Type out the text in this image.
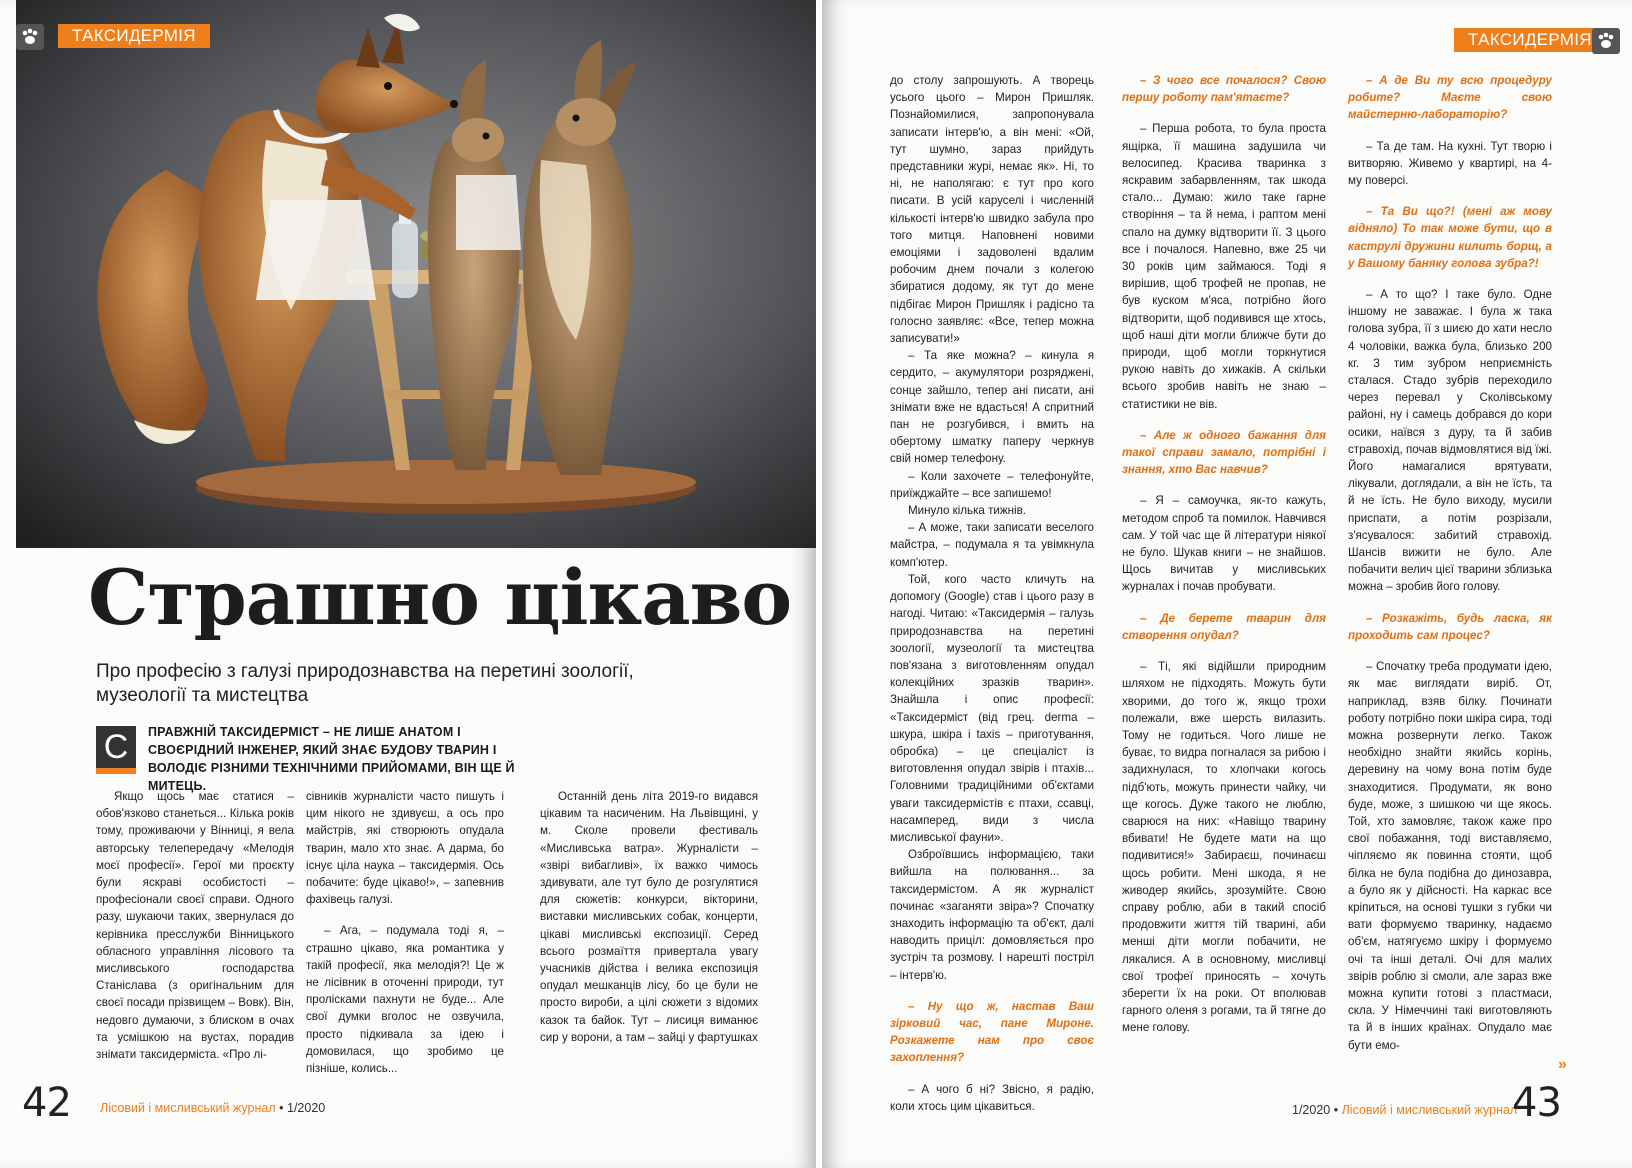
ТАКСИДЕРМІЯ
Страшно цікаво
Про професію з галузі природознавства на перетині зоології, музеології та мистецтва
С	ПРАВЖНІЙ ТАКСИДЕРМІСТ – НЕ ЛИШЕ АНАТОМ І СВОЄРІДНИЙ ІНЖЕНЕР, ЯКИЙ ЗНАЄ БУДОВУ ТВАРИН І ВОЛОДІЄ РІЗНИМИ ТЕХНІЧНИМИ ПРИЙОМАМИ, ВІН ЩЕ Й МИТЕЦЬ.

Якщо щось має статися – обов'язково станеться... Кілька років тому, проживаючи у Вінниці, я вела авторську телепередачу «Мелодія моєї професії». Герої ми проєкту були яскраві особистості – професіонали своєї справи. Одного разу, шукаючи таких, звернулася до керівника пресслужби Вінницького обласного управління лісового та мисливського господарства Станіслава (з оригінальним для своєї посади прізвищем – Вовк). Він, недовго думаючи, з блиском в очах та усмішкою на вустах, порадив знімати таксидерміста. «Про лі-

сівників журналісти часто пишуть і цим нікого не здивуєш, а ось про майстрів, які створюють опудала тварин, мало хто знає. А дарма, бо існує ціла наука – таксидермія. Ось побачите: буде цікаво!», – запевнив фахівець галузі.

– Ага, – подумала тоді я, – страшно цікаво, яка романтика у такій професії, яка мелодія?! Це ж не лісівник в оточенні природи, тут пролісками пахнути не буде... Але свої думки вголос не озвучила, просто підкивала за ідею і домовилася, що зробимо це пізніше, колись...

Останній день літа 2019-го видався цікавим та насиченим. На Львівщині, у м. Сколе провели фестиваль «Мисливська ватра». Журналісти – «звірі вибагливі», їх важко чимось здивувати, але тут було де розгулятися для сюжетів: конкурси, вікторини, виставки мисливських собак, концерти, цікаві мисливські експозиції. Серед всього розмаїття привертала увагу учасників дійства і велика експозиція опудал мешканців лісу, бо це були не просто вироби, а цілі сюжети з відомих казок та байок. Тут – лисиця виманює сир у ворони, а там – зайці у фартушках

42 Лісовий і мисливський журнал • 1/2020
ТАКСИДЕРМІЯ

до столу запрошують. А творець усього цього – Мирон Пришляк. Познайомилися, запропонувала записати інтерв'ю, а він мені: «Ой, тут шумно, зараз прийдуть представники журі, немає як». Ні, то ні, не наполягаю: є тут про кого писати. В усій каруселі і численній кількості інтерв'ю швидко забула про того митця. Наповнені новими емоціями і задоволені вдалим робочим днем почали з колегою збиратися додому, як тут до мене підбігає Мирон Пришляк і радісно та голосно заявляє: «Все, тепер можна записувати!»

– Та яке можна? – кинула я сердито, – акумулятори розряджені, сонце зайшло, тепер ані писати, ані знімати вже не вдасться! А спритний пан не розгубився, і вмить на обертому шматку папеpу черкнув свій номер телефону.

– Коли захочете – телефонуйте, приїжджайте – все запишемо!

Минуло кілька тижнів.

– А може, таки записати веселого майстра, – подумала я та увімкнула комп'ютер.

Той, кого часто кличуть на допомогу (Google) став і цього разу в нагоді. Читаю: «Таксидермія – галузь природознавства на перетині зоології, музеології та мистецтва пов'язана з виготовленням опудал колекційних зразків тварин». Знайшла і опис професії: «Таксидерміст (від грец. derma – шкура, шкіра і taxis – приготування, обробка) – це спеціаліст із виготовлення опудал звірів і птахів... Головними традиційними об'єктами уваги таксидермістів є птахи, ссавці, насамперед, види з числа мисливської фауни».

Озброївшись інформацією, таки вийшла на полювання... за таксидермістом. А як журналіст починає «заганяти звіра»? Спочатку знаходить інформацію та об'єкт, далі наводить приціл: домовляється про зустріч та розмову. І нарешті постріл – інтерв'ю.

– Ну що ж, настав Ваш зірковий час, пане Мироне. Розкажете нам про своє захоплення?

– А чого б ні? Звісно, я радію, коли хтось цим цікавиться.

– З чого все почалося? Свою першу роботу пам'ятаєте?

– Перша робота, то була проста ящірка, її машина задушила чи велосипед. Красива тваринка з яскравим забарвленням, так шкода стало... Думаю: жило таке гарне створіння – та й нема, і раптом мені спало на думку відтворити її. З цього все і почалося. Напевно, вже 25 чи 30 років цим займаюся. Тоді я вирішив, щоб трофей не пропав, не був куском м'яса, потрібно його відтворити, щоб подивився ще хтось, щоб наші діти могли ближче бути до природи, щоб могли торкнутися рукою навіть до хижаків. А скільки всього зробив навіть не знаю – статистики не вів.

– Але ж одного бажання для такої справи замало, потрібні і знання, хто Вас навчив?

– Я – самоучка, як-то кажуть, методом спроб та помилок. Навчився сам. У той час ще й літератури ніякої не було. Шукав книги – не знайшов. Щось вичитав у мисливських журналах і почав пробувати.

– Де берете тварин для створення опудал?

– Ті, які відійшли природним шляхом не підходять. Можуть бути хворими, до того ж, якщо трохи полежали, вже шерсть вилазить. Тому не годиться. Чого лише не буває, то видра погналася за рибою і задихнулася, то хлопчаки когось підб'ють, можуть принести чайку, чи ще когось. Дуже такого не люблю, сварюся на них: «Навіщо тварину вбивати! Не будете мати на що подивитися!» Забираєш, починаєш щось робити. Мені шкода, я не живодер якийсь, зрозумійте. Свою справу роблю, аби в такий спосіб продовжити життя тій тварині, аби менші діти могли побачити, не лякалися. А в основному, мисливці свої трофеї приносять – хочуть зберегти їх на роки. От вполював гарного оленя з рогами, та й тягне до мене голову.

– А де Ви ту всю процедуру робите? Маєте свою майстерню-лабораторію?

– Та де там. На кухні. Тут творю і витворяю. Живемо у квартирі, на 4-му поверсі.

– Та Ви що?! (мені аж мову відняло) То так може бути, що в каструлі дружини килить борщ, а у Вашому баняку голова зубра?!

– А то що? І таке було. Одне іншому не заважає. І була ж така голова зубра, її з шиєю до хати несло 4 чоловіки, важка була, близько 200 кг. З тим зубром неприємність сталася. Стадо зубрів переходило через перевал у Сколівському районі, ну і самець добрався до кори осики, наївся з дуру, та й забив стравохід, почав відмовлятися від їжі. Його намагалися врятувати, лікували, доглядали, а він не їсть, та й не їсть. Не було виходу, мусили приспати, а потім розрізали, з'ясувалося: забитий стравохід. Шансів вижити не було. Але побачити велич цієї тварини зблизька можна – зробив його голову.

– Розкажіть, будь ласка, як проходить сам процес?

– Спочатку треба продумати ідею, як має виглядати виріб. От, наприклад, взяв білку. Починати роботу потрібно поки шкіра сира, тоді можна розвернути легко. Також необхідно знайти якийсь корінь, деревину на чому вона потім буде знаходитися. Продумати, як воно буде, може, з шишкою чи ще якось. Той, хто замовляє, також каже про свої побажання, тоді виставляємо, чіпляємо як повинна стояти, щоб білка не була подібна до динозавра, а було як у дійсності. На каркас все кріпиться, на основі тушки з губки чи вати формуємо тваринку, надаємо об'єм, натягуємо шкіру і формуємо очі та інші деталі. Очі для малих звірів роблю зі смоли, але зараз вже можна купити готові з пластмаси, скла. У Німеччині такі виготовляють та й в інших країнах. Опудало має бути емо-

»
1/2020 • Лісовий і мисливський журнал
43
